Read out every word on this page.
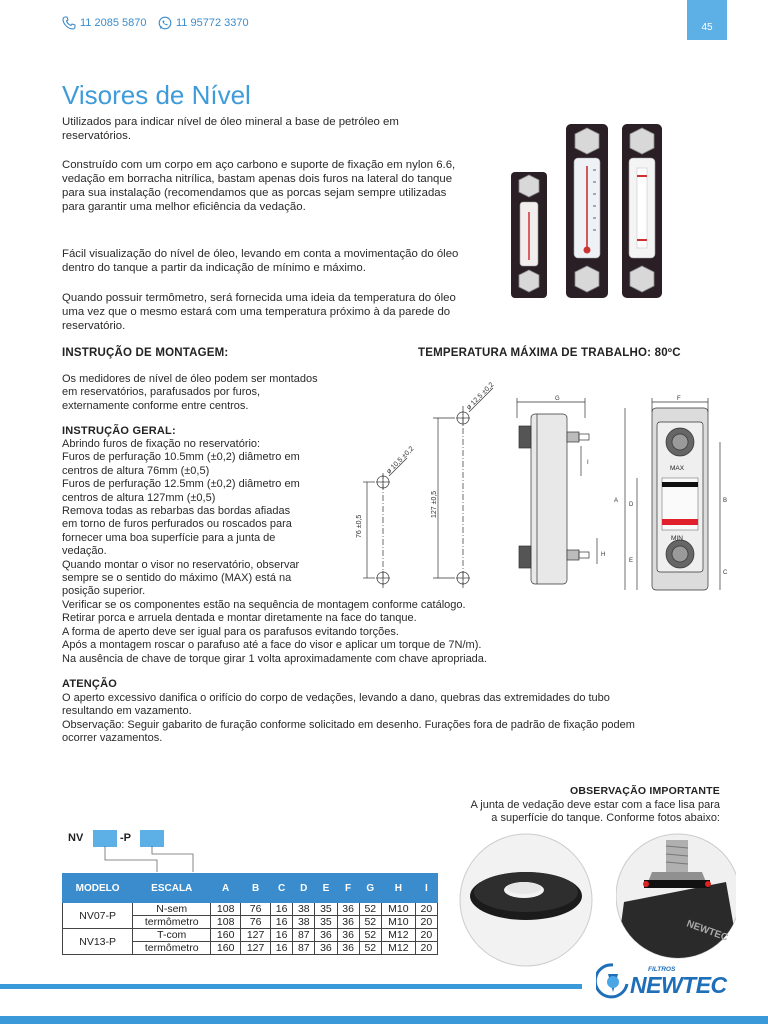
11 2085 5870	11 95772 3370	45
Visores de Nível

Utilizados para indicar nível de óleo mineral a base de petróleo em reservatórios.

Construído com um corpo em aço carbono e suporte de fixação em nylon 6.6, vedação em borracha nitrílica, bastam apenas dois furos na lateral do tanque para sua instalação (recomendamos que as porcas sejam sempre utilizadas para garantir uma melhor eficiência da vedação.

Fácil visualização do nível de óleo, levando em conta a movimentação do óleo dentro do tanque a partir da indicação de mínimo e máximo.

Quando possuir termômetro, será fornecida uma ideia da temperatura do óleo uma vez que o mesmo estará com uma temperatura próximo à da parede do reservatório.

INSTRUÇÃO DE MONTAGEM:	TEMPERATURA MÁXIMA DE TRABALHO: 80ºC
Os medidores de nível de óleo podem ser montados em reservatórios, parafusados por furos, externamente conforme entre centros.
INSTRUÇÃO GERAL:
Abrindo furos de fixação no reservatório:
Furos de perfuração 10.5mm (±0,2) diâmetro em
centros de altura 76mm (±0,5)
Furos de perfuração 12.5mm (±0,2) diâmetro em
centros de altura 127mm (±0,5)
Remova todas as rebarbas das bordas afiadas
em torno de furos perfurados ou roscados para
fornecer uma boa superfície para a junta de
vedação.
Quando montar o visor no reservatório, observar
sempre se o sentido do máximo (MAX) está na
posição superior.
Verificar se os componentes estão na sequência de montagem conforme catálogo.
Retirar porca e arruela dentada e montar diretamente na face do tanque.
A forma de aperto deve ser igual para os parafusos evitando torções.
Após a montagem roscar o parafuso até a face do visor e aplicar um torque de 7N/m).
Na ausência de chave de torque girar 1 volta aproximadamente com chave apropriada.
ATENÇÃO
O aperto excessivo danifica o orifício do corpo de vedações, levando a dano, quebras das extremidades do tubo
resultando em vazamento.
Observação: Seguir gabarito de furação conforme solicitado em desenho. Furações fora de padrão de fixação podem
ocorrer vazamentos.
76 ±0,5
ø 10,5 ±0,2
127 ±0,5
ø 12,5 ±0,2	G
I
H
MAX
MIN
F
A
D
E
B
C
OBSERVAÇÃO IMPORTANTE
A junta de vedação deve estar com a face lisa para
a superfície do tanque. Conforme fotos abaixo:
NV	-P
MODELO	ESCALA	A	B	C	D	E	F	G	H	I
NV07-P	N-sem	108	76	16	38	35	36	52	M10	20
	termômetro	108	76	16	38	35	36	52	M10	20
NV13-P	T-com	160	127	16	87	36	36	52	M12	20
	termômetro	160	127	16	87	36	36	52	M12	20
NEWTEC
FILTROS
NEWTEC
